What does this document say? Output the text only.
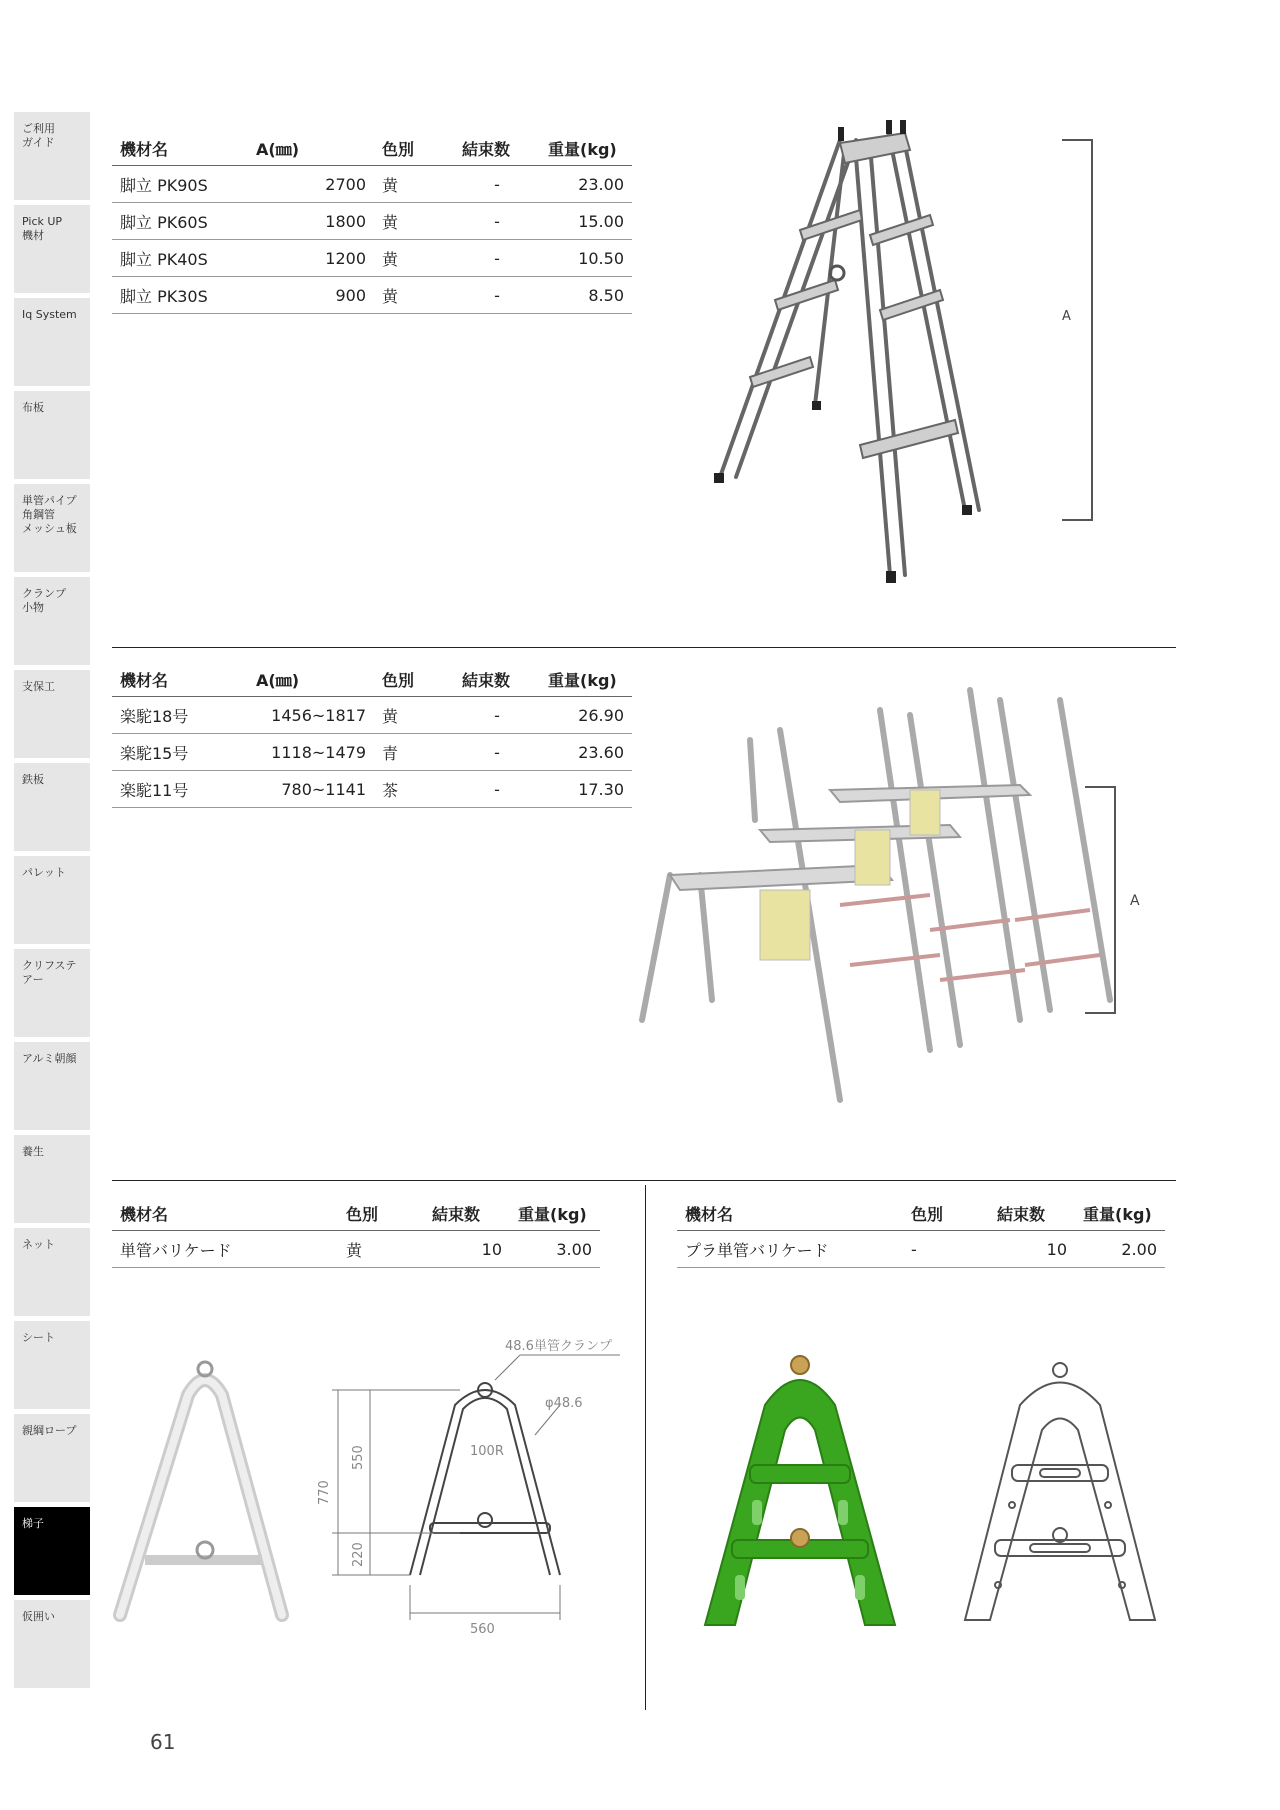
ご利用
ガイド
Pick UP
機材
Iq System
布板
単管パイプ
角鋼管
メッシュ板
クランプ
小物
支保工
鉄板
パレット
クリフステ
アー
アルミ朝顔
養生
ネット
シート
親綱ロープ
梯子
仮囲い
機材名	A(㎜)	色別	結束数	重量(kg)
脚立 PK90S	2700	黄	-	23.00
脚立 PK60S	1800	黄	-	15.00
脚立 PK40S	1200	黄	-	10.50
脚立 PK30S	900	黄	-	8.50
A
機材名	A(㎜)	色別	結束数	重量(kg)
楽駝18号	1456~1817	黄	-	26.90
楽駝15号	1118~1479	青	-	23.60
楽駝11号	780~1141	茶	-	17.30
A
機材名	色別	結束数	重量(kg)
単管バリケード	黄	10	3.00
機材名	色別	結束数	重量(kg)
プラ単管バリケード	-	10	2.00
48.6単管クランプ
φ48.6
100R
560
770
550
220
61
